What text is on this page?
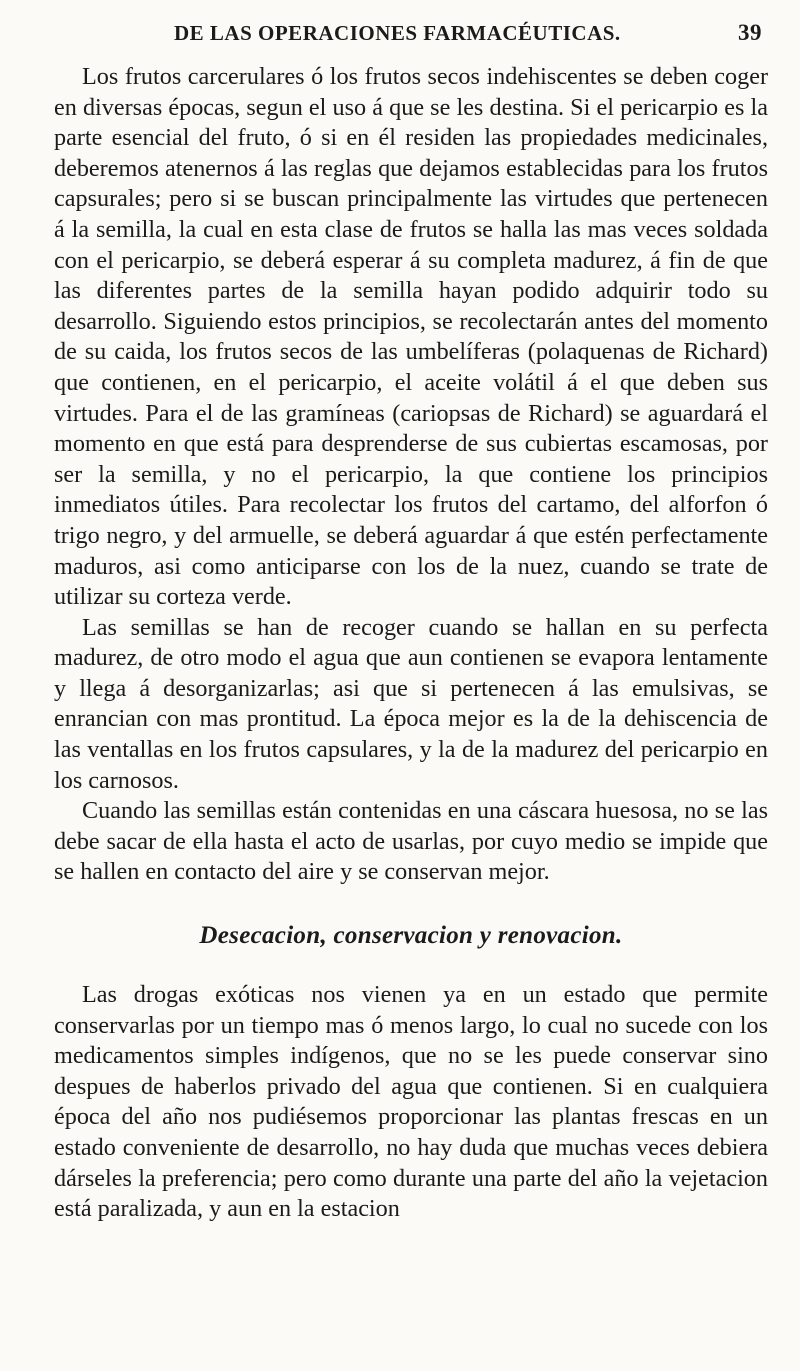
DE LAS OPERACIONES FARMACÉUTICAS.	39

Los frutos carcerulares ó los frutos secos indehiscentes se deben coger en diversas épocas, segun el uso á que se les destina. Si el pericarpio es la parte esencial del fruto, ó si en él residen las propiedades medicinales, deberemos atenernos á las reglas que dejamos establecidas para los frutos capsurales; pero si se buscan principalmente las virtudes que pertenecen á la semilla, la cual en esta clase de frutos se halla las mas veces soldada con el pericarpio, se deberá esperar á su completa madurez, á fin de que las diferentes partes de la semilla hayan podido adquirir todo su desarrollo. Siguiendo estos principios, se recolectarán antes del momento de su caida, los frutos secos de las umbelíferas (polaquenas de Richard) que contienen, en el pericarpio, el aceite volátil á el que deben sus virtudes. Para el de las gramíneas (cariopsas de Richard) se aguardará el momento en que está para desprenderse de sus cubiertas escamosas, por ser la semilla, y no el pericarpio, la que contiene los principios inmediatos útiles. Para recolectar los frutos del cartamo, del alforfon ó trigo negro, y del armuelle, se deberá aguardar á que estén perfectamente maduros, asi como anticiparse con los de la nuez, cuando se trate de utilizar su corteza verde.

Las semillas se han de recoger cuando se hallan en su perfecta madurez, de otro modo el agua que aun contienen se evapora lentamente y llega á desorganizarlas; asi que si pertenecen á las emulsivas, se enrancian con mas prontitud. La época mejor es la de la dehiscencia de las ventallas en los frutos capsulares, y la de la madurez del pericarpio en los carnosos.

Cuando las semillas están contenidas en una cáscara huesosa, no se las debe sacar de ella hasta el acto de usarlas, por cuyo medio se impide que se hallen en contacto del aire y se conservan mejor.

Desecacion, conservacion y renovacion.

Las drogas exóticas nos vienen ya en un estado que permite conservarlas por un tiempo mas ó menos largo, lo cual no sucede con los medicamentos simples indígenos, que no se les puede conservar sino despues de haberlos privado del agua que contienen. Si en cualquiera época del año nos pudiésemos proporcionar las plantas frescas en un estado conveniente de desarrollo, no hay duda que muchas veces debiera dárseles la preferencia; pero como durante una parte del año la vejetacion está paralizada, y aun en la estacion
